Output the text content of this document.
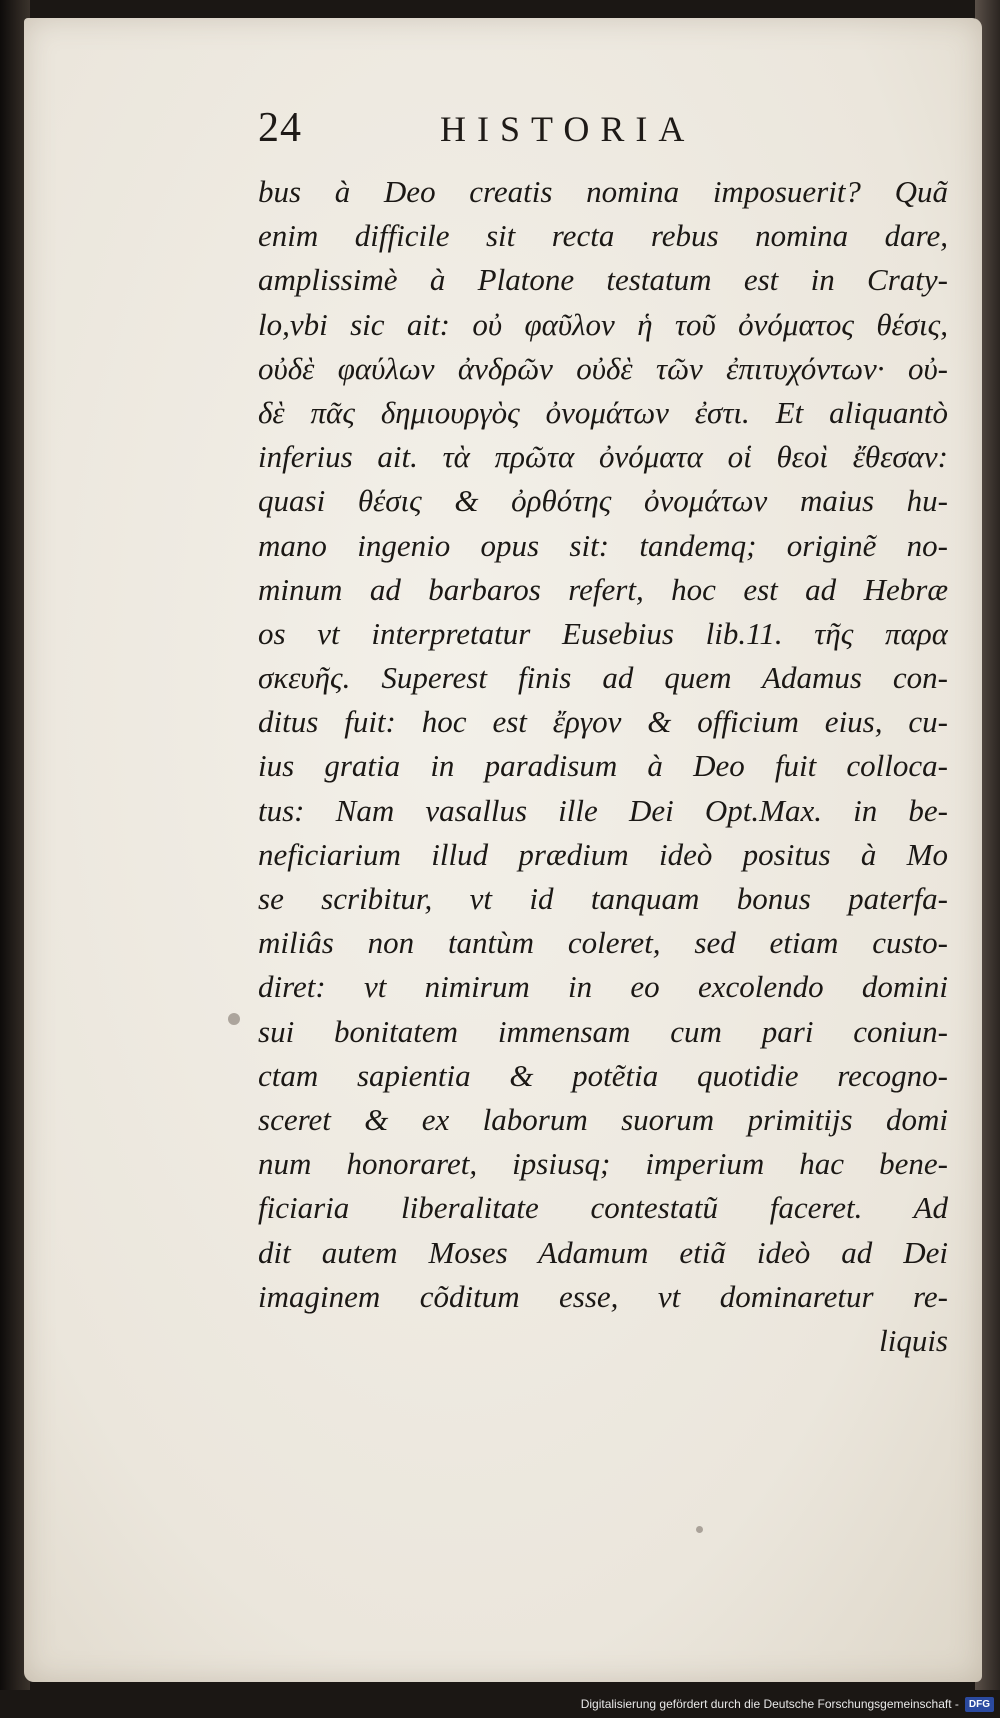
24	HISTORIA
bus à Deo creatis nomina imposuerit? Quã
enim difficile sit recta rebus nomina dare,
amplissimè à Platone testatum est in Craty-
lo,vbi sic ait: οὐ φαῦλον ἡ τοῦ ὀνόματος θέσις,
οὐδὲ φαύλων ἀνδρῶν οὐδὲ τῶν ἐπιτυχόντων· οὐ-
δὲ πᾶς δημιουργὸς ὀνομάτων ἐστι. Et aliquantò
inferius ait. τὰ πρῶτα ὀνόματα οἱ θεοὶ ἔθεσαν:
quasi θέσις & ὀρθότης ὀνομάτων maius hu-
mano ingenio opus sit: tandemq; originẽ no-
minum ad barbaros refert, hoc est ad Hebræ
os vt interpretatur Eusebius lib.11. τῆς παρα
σκευῆς. Superest finis ad quem Adamus con-
ditus fuit: hoc est ἔργον & officium eius, cu-
ius gratia in paradisum à Deo fuit colloca-
tus: Nam vasallus ille Dei Opt.Max. in be-
neficiarium illud prædium ideò positus à Mo
se scribitur, vt id tanquam bonus paterfa-
miliâs non tantùm coleret, sed etiam custo-
diret: vt nimirum in eo excolendo domini
sui bonitatem immensam cum pari coniun-
ctam sapientia & potẽtia quotidie recogno-
sceret & ex laborum suorum primitijs domi
num honoraret, ipsiusq; imperium hac bene-
ficiaria liberalitate contestatũ faceret. Ad
dit autem Moses Adamum etiã ideò ad Dei
imaginem cõditum esse, vt dominaretur re-
liquis
Digitalisierung gefördert durch die Deutsche Forschungsgemeinschaft -	DFG
